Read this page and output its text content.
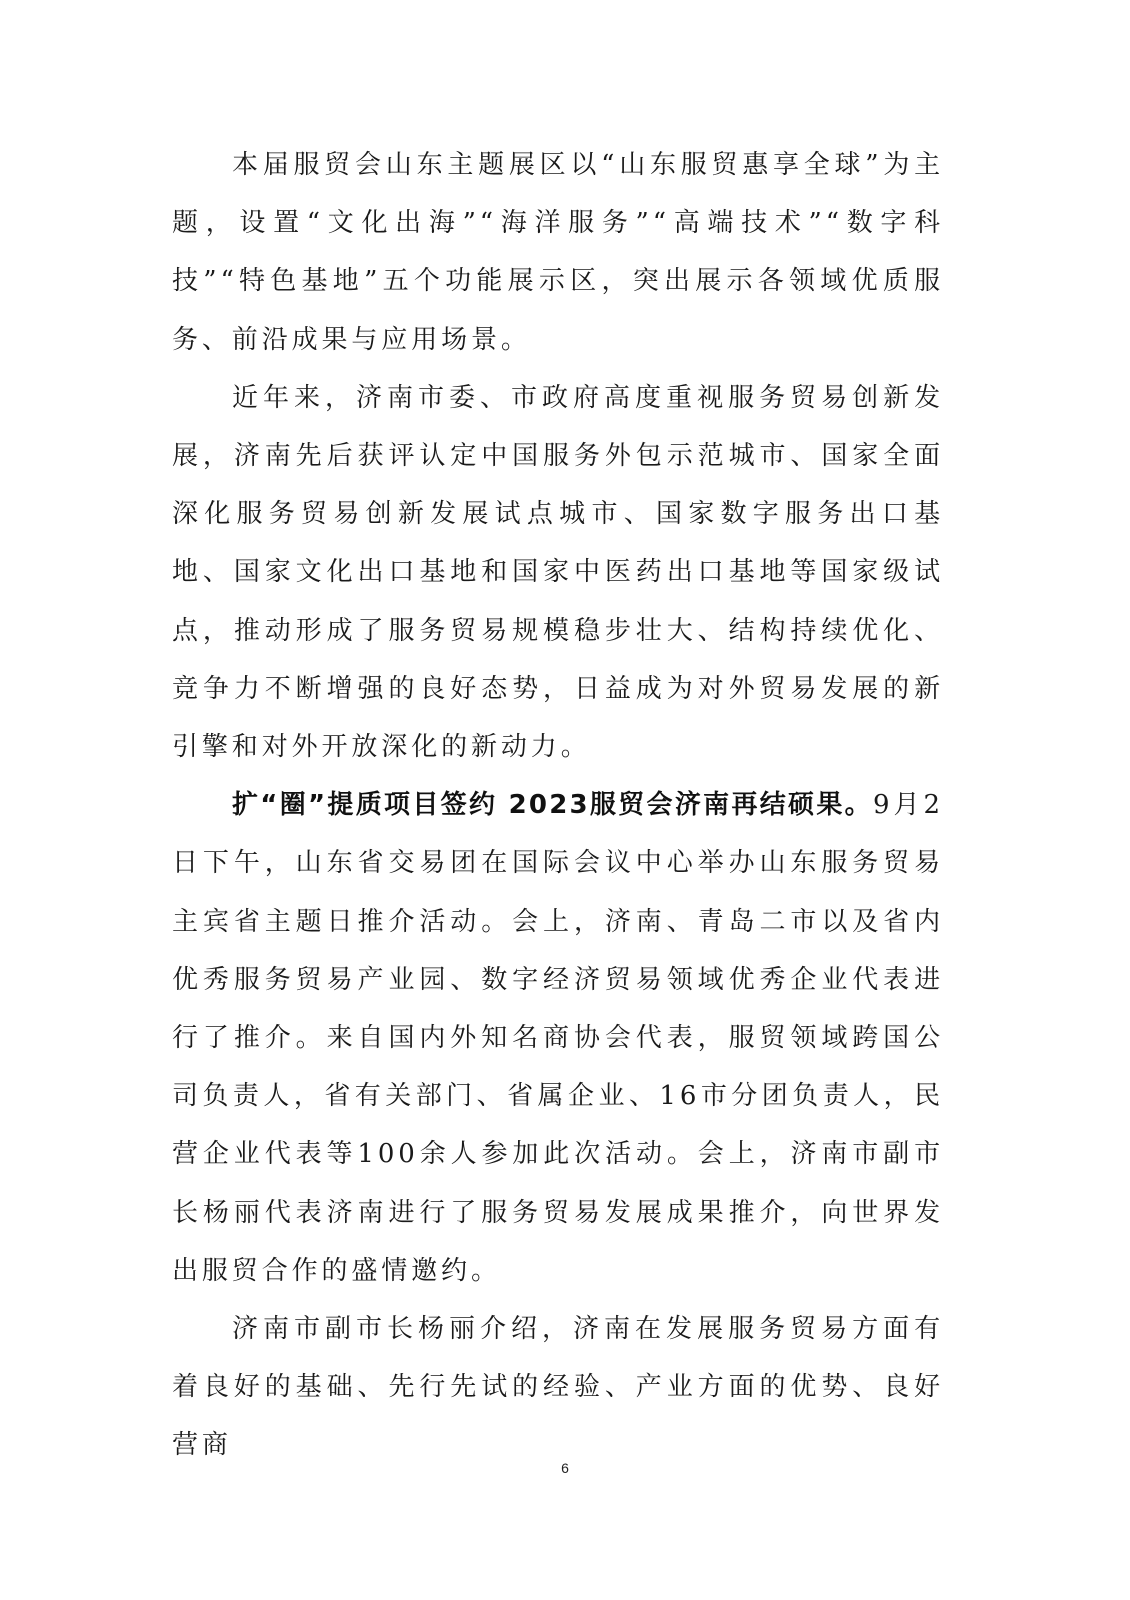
本届服贸会山东主题展区以“山东服贸惠享全球”为主题，设置“文化出海”“海洋服务”“高端技术”“数字科技”“特色基地”五个功能展示区，突出展示各领域优质服务、前沿成果与应用场景。

近年来，济南市委、市政府高度重视服务贸易创新发展，济南先后获评认定中国服务外包示范城市、国家全面深化服务贸易创新发展试点城市、国家数字服务出口基地、国家文化出口基地和国家中医药出口基地等国家级试点，推动形成了服务贸易规模稳步壮大、结构持续优化、竞争力不断增强的良好态势，日益成为对外贸易发展的新引擎和对外开放深化的新动力。

扩“圈”提质项目签约 2023服贸会济南再结硕果。9月2日下午，山东省交易团在国际会议中心举办山东服务贸易主宾省主题日推介活动。会上，济南、青岛二市以及省内优秀服务贸易产业园、数字经济贸易领域优秀企业代表进行了推介。来自国内外知名商协会代表，服贸领域跨国公司负责人，省有关部门、省属企业、16市分团负责人，民营企业代表等100余人参加此次活动。会上，济南市副市长杨丽代表济南进行了服务贸易发展成果推介，向世界发出服贸合作的盛情邀约。

济南市副市长杨丽介绍，济南在发展服务贸易方面有着良好的基础、先行先试的经验、产业方面的优势、良好营商

6
